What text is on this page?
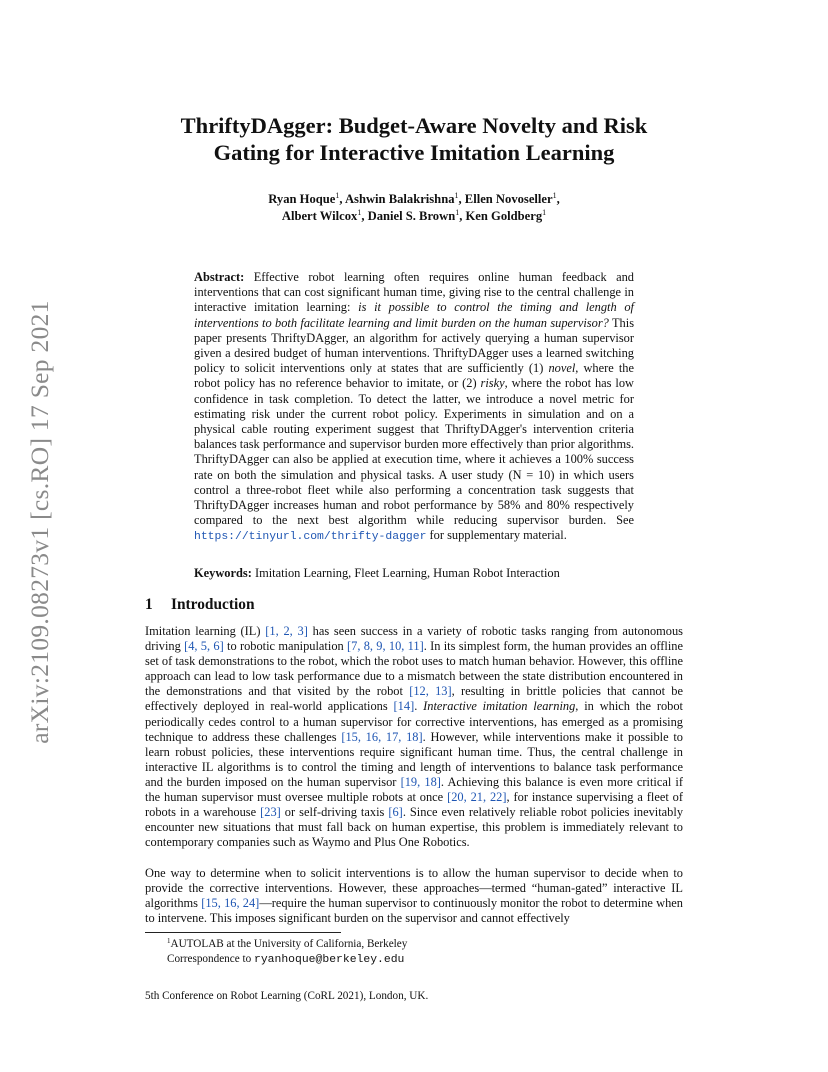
arXiv:2109.08273v1 [cs.RO] 17 Sep 2021
ThriftyDAgger: Budget-Aware Novelty and Risk
Gating for Interactive Imitation Learning
Ryan Hoque$^1$, Ashwin Balakrishna$^1$, Ellen Novoseller$^1$,
Albert Wilcox$^1$, Daniel S. Brown$^1$, Ken Goldberg$^1$
Abstract: Effective robot learning often requires online human feedback and interventions that can cost significant human time, giving rise to the central challenge in interactive imitation learning: is it possible to control the timing and length of interventions to both facilitate learning and limit burden on the human supervisor? This paper presents ThriftyDAgger, an algorithm for actively querying a human supervisor given a desired budget of human interventions. ThriftyDAgger uses a learned switching policy to solicit interventions only at states that are sufficiently (1) novel, where the robot policy has no reference behavior to imitate, or (2) risky, where the robot has low confidence in task completion. To detect the latter, we introduce a novel metric for estimating risk under the current robot policy. Experiments in simulation and on a physical cable routing experiment suggest that ThriftyDAgger's intervention criteria balances task performance and supervisor burden more effectively than prior algorithms. ThriftyDAgger can also be applied at execution time, where it achieves a 100% success rate on both the simulation and physical tasks. A user study (N = 10) in which users control a three-robot fleet while also performing a concentration task suggests that ThriftyDAgger increases human and robot performance by 58% and 80% respectively compared to the next best algorithm while reducing supervisor burden. See https://tinyurl.com/thrifty-dagger for supplementary material.
Keywords: Imitation Learning, Fleet Learning, Human Robot Interaction
1 Introduction
Imitation learning (IL) [1, 2, 3] has seen success in a variety of robotic tasks ranging from autonomous driving [4, 5, 6] to robotic manipulation [7, 8, 9, 10, 11]. In its simplest form, the human provides an offline set of task demonstrations to the robot, which the robot uses to match human behavior. However, this offline approach can lead to low task performance due to a mismatch between the state distribution encountered in the demonstrations and that visited by the robot [12, 13], resulting in brittle policies that cannot be effectively deployed in real-world applications [14]. Interactive imitation learning, in which the robot periodically cedes control to a human supervisor for corrective interventions, has emerged as a promising technique to address these challenges [15, 16, 17, 18]. However, while interventions make it possible to learn robust policies, these interventions require significant human time. Thus, the central challenge in interactive IL algorithms is to control the timing and length of interventions to balance task performance and the burden imposed on the human supervisor [19, 18]. Achieving this balance is even more critical if the human supervisor must oversee multiple robots at once [20, 21, 22], for instance supervising a fleet of robots in a warehouse [23] or self-driving taxis [6]. Since even relatively reliable robot policies inevitably encounter new situations that must fall back on human expertise, this problem is immediately relevant to contemporary companies such as Waymo and Plus One Robotics.
One way to determine when to solicit interventions is to allow the human supervisor to decide when to provide the corrective interventions. However, these approaches—termed “human-gated” interactive IL algorithms [15, 16, 24]—require the human supervisor to continuously monitor the robot to determine when to intervene. This imposes significant burden on the supervisor and cannot effectively
$^1$AUTOLAB at the University of California, Berkeley
Correspondence to ryanhoque@berkeley.edu
5th Conference on Robot Learning (CoRL 2021), London, UK.
